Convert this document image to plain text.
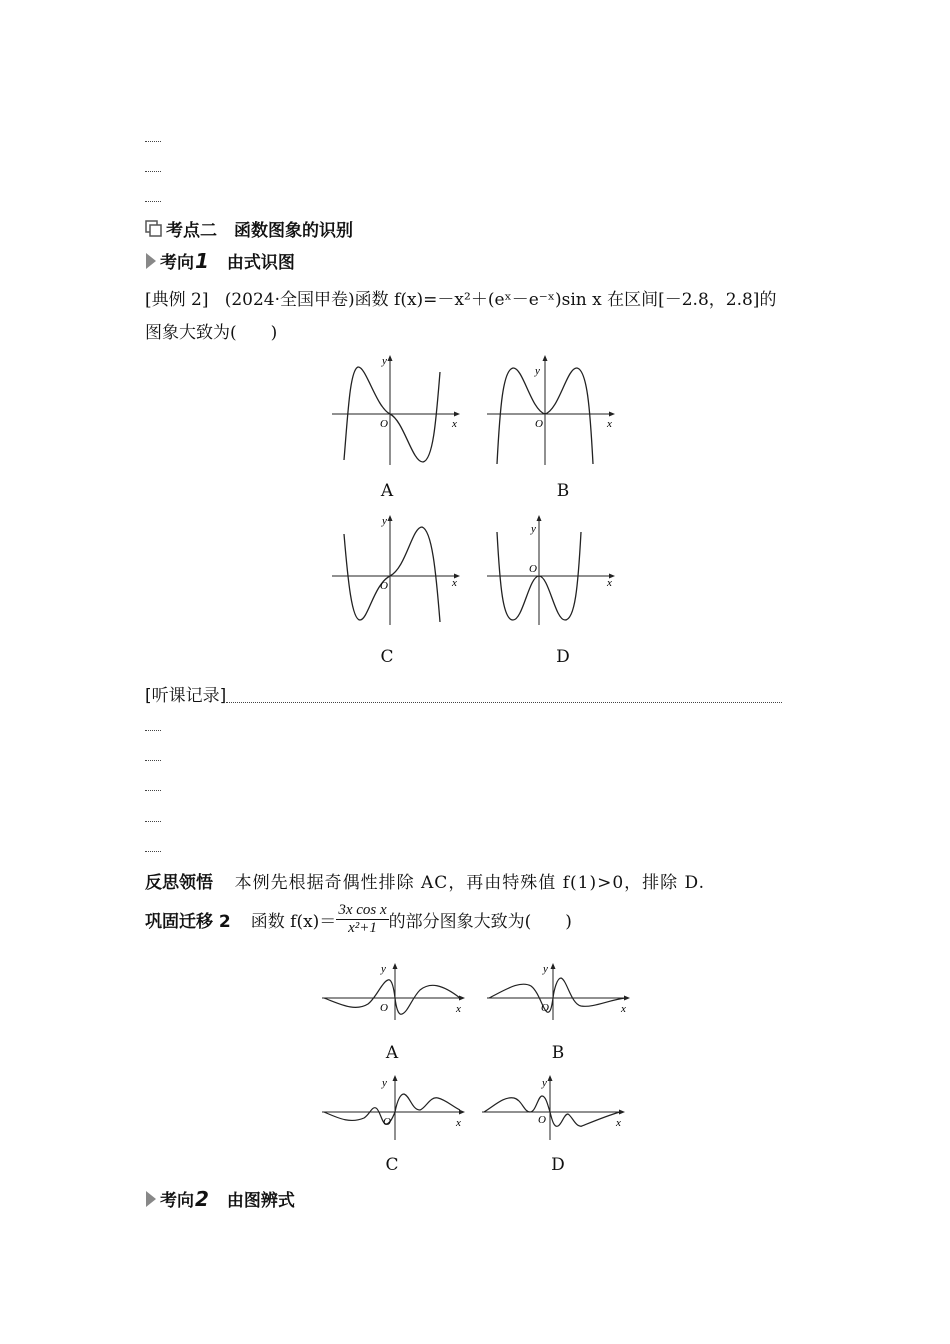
考点二　函数图象的识别
考向 1 由式识图
[典例 2] (2024·全国甲卷)函数 f(x)=－x²＋(eˣ－e⁻ˣ)sin x 在区间[－2.8，2.8]的
图象大致为(　　)
O	x
y
O	x
y
A	B
O	x
y
O
x
y
C	D
[听课记录]
反思领悟 本例先根据奇偶性排除 AC，再由特殊值 f(1)>0，排除 D.
巩固迁移 2 函数 $f(x)= \frac{\text{3x cos x}}{\text{x²+1}}$ 的部分图象大致为(　　)
O	x
y
O	x
y
A	B
O	x
y
O	x
y
C	D
考向 2 由图辨式
